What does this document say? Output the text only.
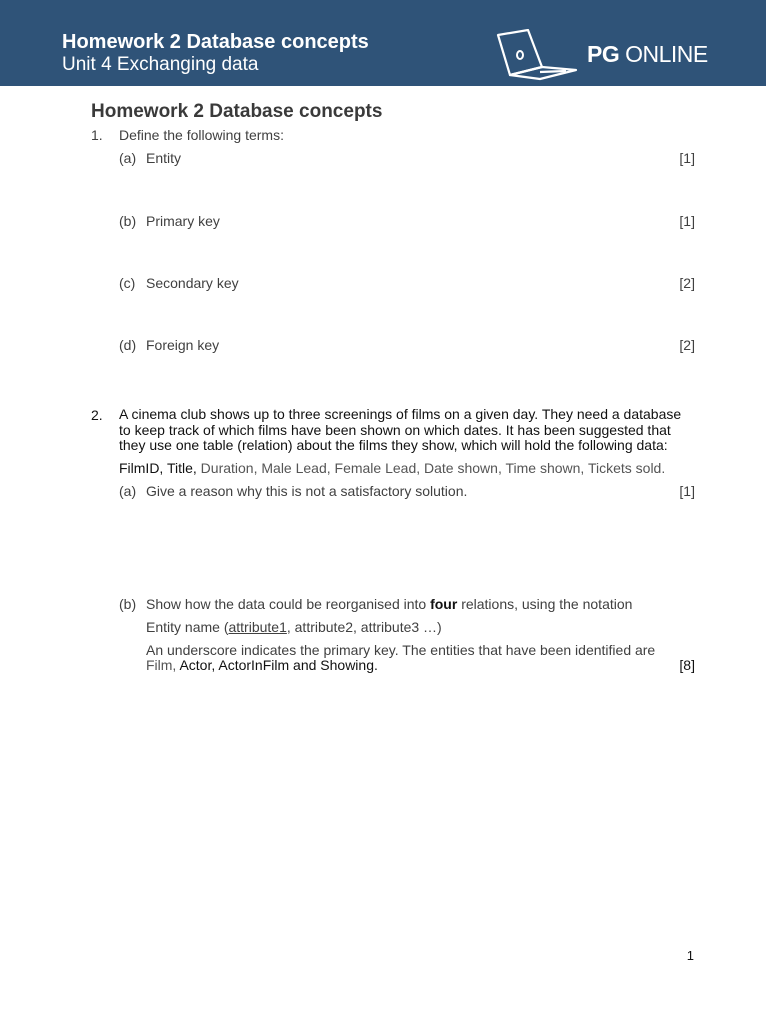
Homework 2 Database concepts
Unit 4 Exchanging data	PG ONLINE
Homework 2 Database concepts
1. Define the following terms:
(a) Entity	[1]
(b) Primary key	[1]
(c) Secondary key	[2]
(d) Foreign key	[2]
2. A cinema club shows up to three screenings of films on a given day. They need a database
to keep track of which films have been shown on which dates. It has been suggested that
they use one table (relation) about the films they show, which will hold the following data:
FilmID, Title, Duration, Male Lead, Female Lead, Date shown, Time shown, Tickets sold.
(a) Give a reason why this is not a satisfactory solution.	[1]
(b) Show how the data could be reorganised into four relations, using the notation
Entity name (attribute1, attribute2, attribute3 …)
An underscore indicates the primary key. The entities that have been identified are
Film, Actor, ActorInFilm and Showing.	[8]
1
